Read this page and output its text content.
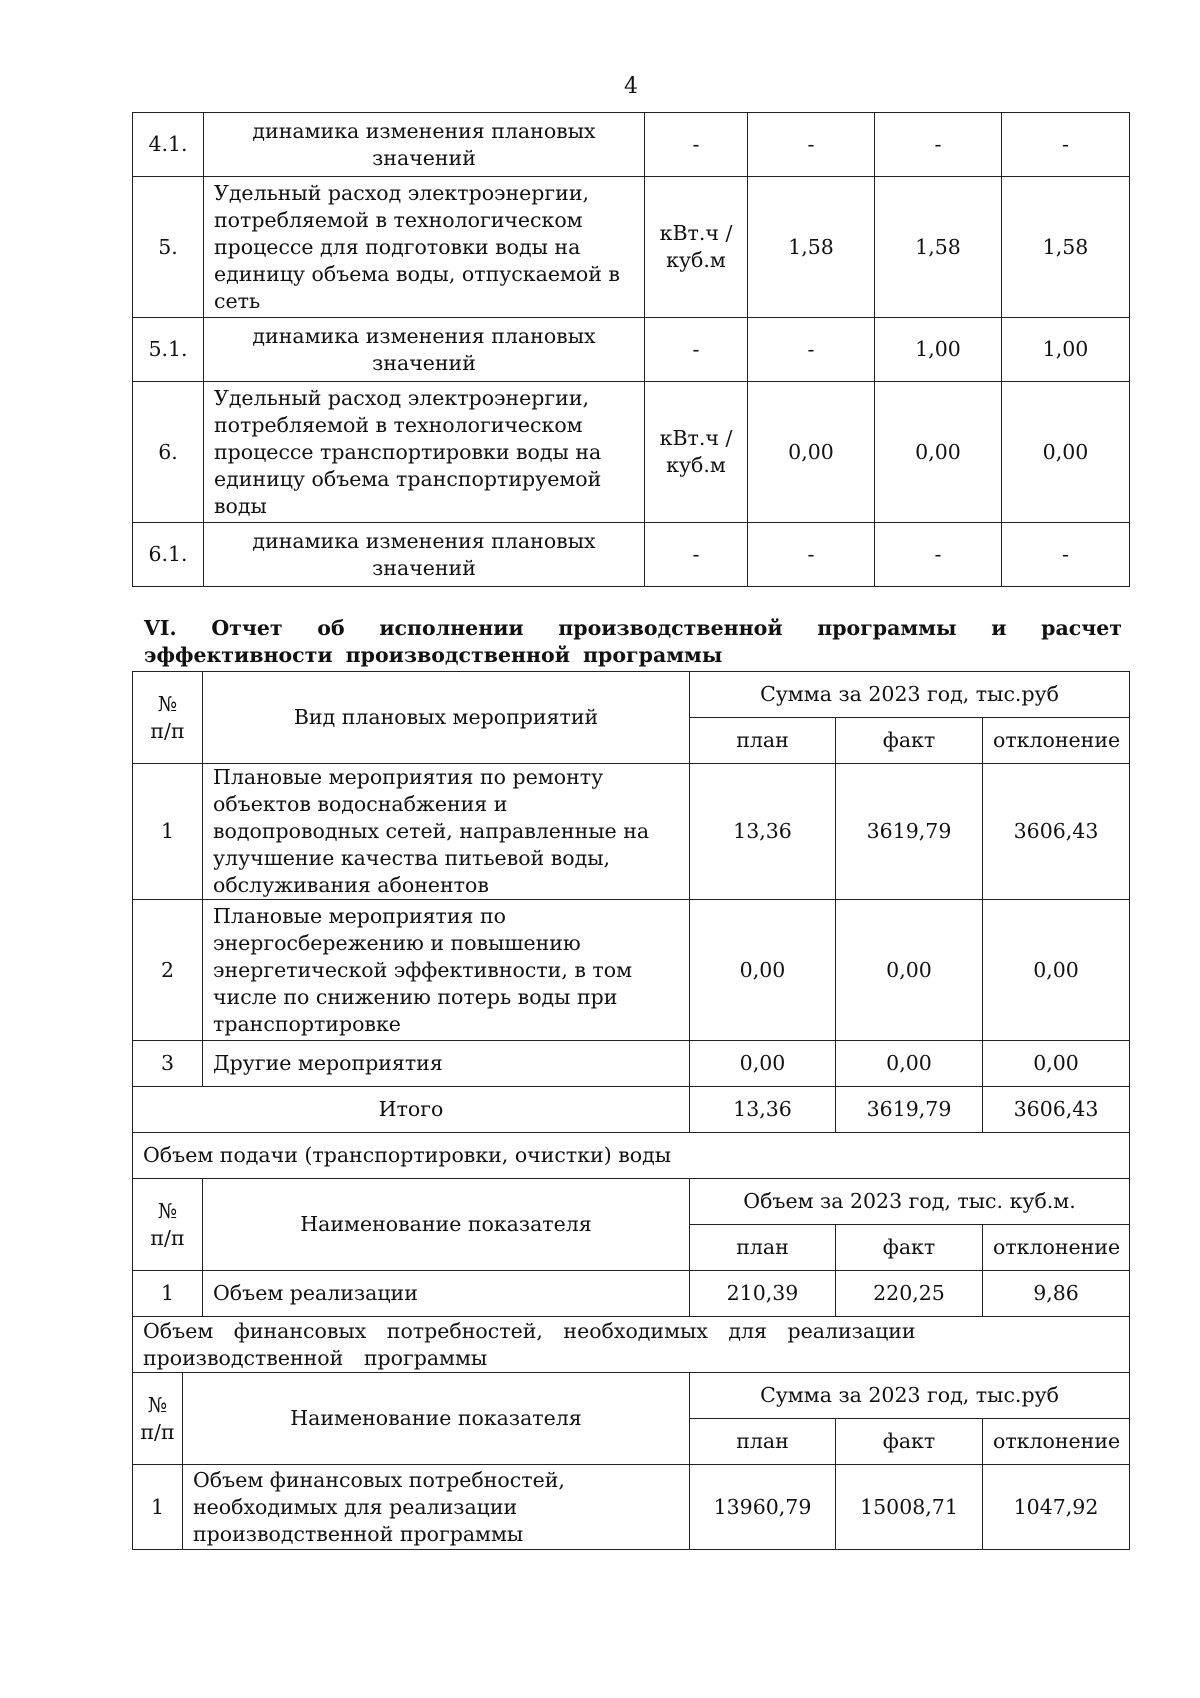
4
4.1.	динамика изменения плановых значений	-	-	-	-
5.	Удельный расход электроэнергии, потребляемой в технологическом процессе для подготовки воды на единицу объема воды, отпускаемой в сеть	кВт.ч / куб.м	1,58	1,58	1,58
5.1.	динамика изменения плановых значений	-	-	1,00	1,00
6.	Удельный расход электроэнергии, потребляемой в технологическом процессе транспортировки воды на единицу объема транспортируемой воды	кВт.ч / куб.м	0,00	0,00	0,00
6.1.	динамика изменения плановых значений	-	-	-	-
VI. Отчет об исполнении производственной программы и расчет эффективности производственной программы
№ п/п		Вид плановых мероприятий	Сумма за 2023 год, тыс.руб		
			план	факт	отклонение
1		Плановые мероприятия по ремонту объектов водоснабжения и водопроводных сетей, направленные на улучшение качества питьевой воды, обслуживания абонентов	13,36	3619,79	3606,43
2		Плановые мероприятия по энергосбережению и повышению энергетической эффективности, в том числе по снижению потерь воды при транспортировке	0,00	0,00	0,00
3		Другие мероприятия	0,00	0,00	0,00
Итого			13,36	3619,79	3606,43
Объем подачи (транспортировки, очистки) воды					
№ п/п		Наименование показателя	Объем за 2023 год, тыс. куб.м.		
			план	факт	отклонение
1		Объем реализации	210,39	220,25	9,86
Объем финансовых потребностей, необходимых для реализации производственной программы					
№ п/п	Наименование показателя		Сумма за 2023 год, тыс.руб		
			план	факт	отклонение
1	Объем финансовых потребностей, необходимых для реализации производственной программы		13960,79	15008,71	1047,92
